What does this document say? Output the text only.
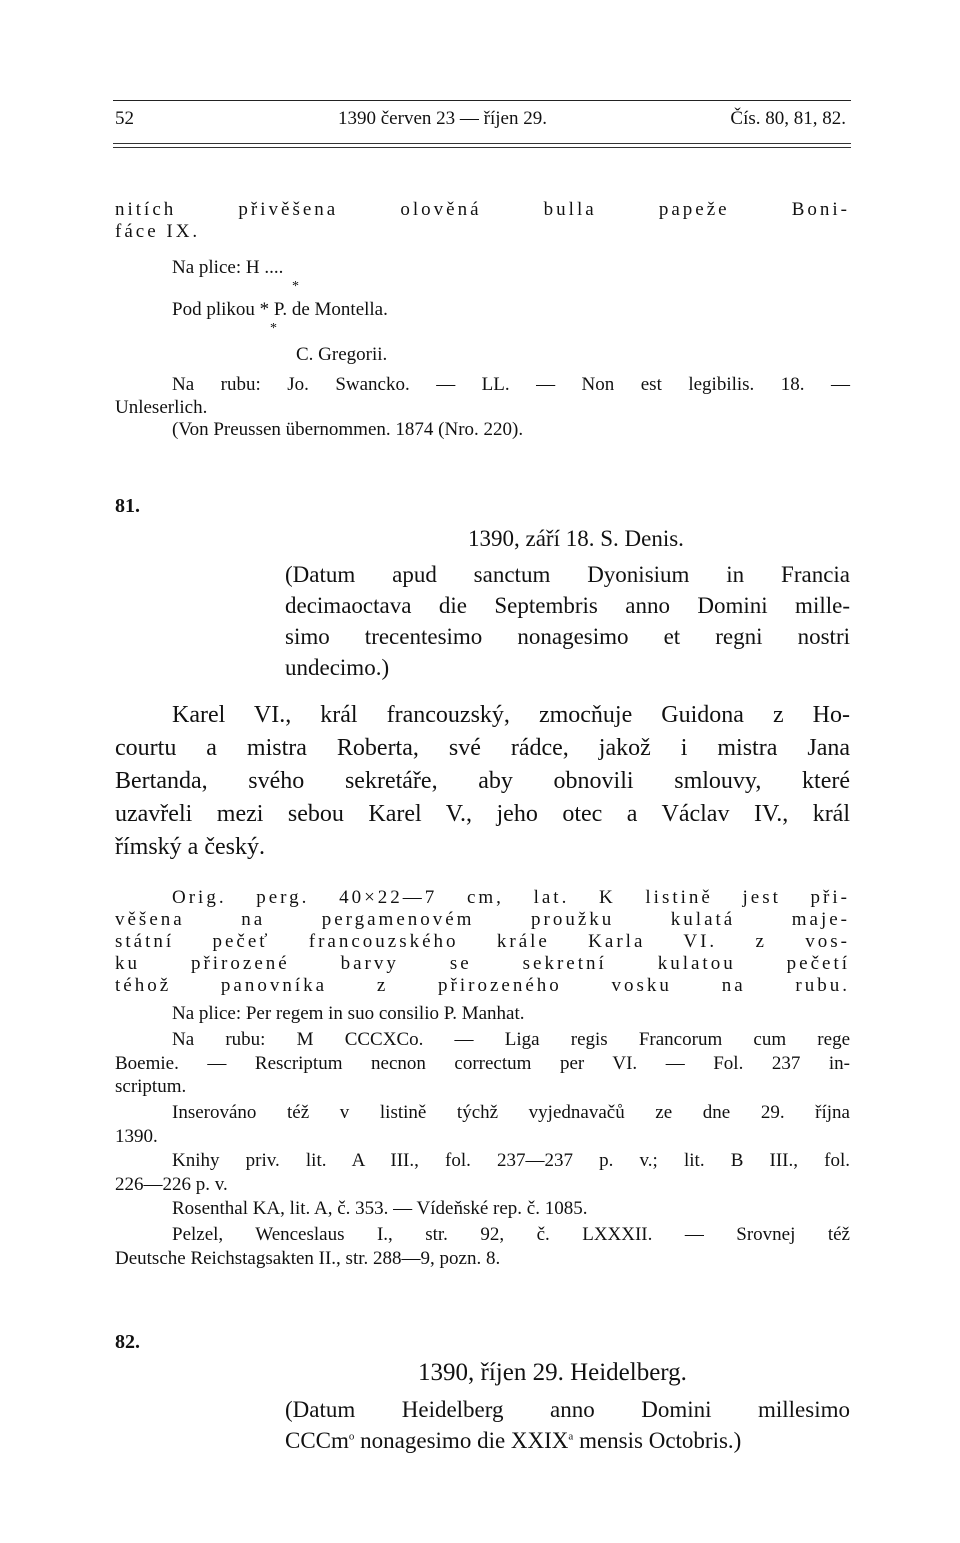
52	1390 červen 23 — říjen 29.	Čís. 80, 81, 82.
nitích přivěšena olověná bulla papeže Boni-
fáce IX.
Na plice: H ....
*
Pod plikou * P. de Montella.
*
C. Gregorii.
Na rubu: Jo. Swancko. — LL. — Non est legibilis. 18. —
Unleserlich.
(Von Preussen übernommen. 1874 (Nro. 220).
81.
1390, září 18. S. Denis.
(Datum apud sanctum Dyonisium in Francia
decimaoctava die Septembris anno Domini mille-
simo trecentesimo nonagesimo et regni nostri
undecimo.)
Karel VI., král francouzský, zmocňuje Guidona z Ho-
courtu a mistra Roberta, své rádce, jakož i mistra Jana
Bertanda, svého sekretáře, aby obnovili smlouvy, které
uzavřeli mezi sebou Karel V., jeho otec a Václav IV., král
římský a český.
Orig. perg. 40×22—7 cm, lat. K listině jest při-
věšena na pergamenovém proužku kulatá maje-
státní pečeť francouzského krále Karla VI. z vos-
ku přirozené barvy se sekretní kulatou pečetí
téhož panovníka z přirozeného vosku na rubu.
Na plice: Per regem in suo consilio P. Manhat.
Na rubu: M CCCXCo. — Liga regis Francorum cum rege
Boemie. — Rescriptum necnon correctum per VI. — Fol. 237 in-
scriptum.
Inserováno též v listině týchž vyjednavačů ze dne 29. října
1390.
Knihy priv. lit. A III., fol. 237—237 p. v.; lit. B III., fol.
226—226 p. v.
Rosenthal KA, lit. A, č. 353. — Vídeňské rep. č. 1085.
Pelzel, Wenceslaus I., str. 92, č. LXXXII. — Srovnej též
Deutsche Reichstagsakten II., str. 288—9, pozn. 8.
82.
1390, říjen 29. Heidelberg.
(Datum Heidelberg anno Domini millesimo
CCCm$^o$ nonagesimo die XXIX$^a$ mensis Octobris.)
